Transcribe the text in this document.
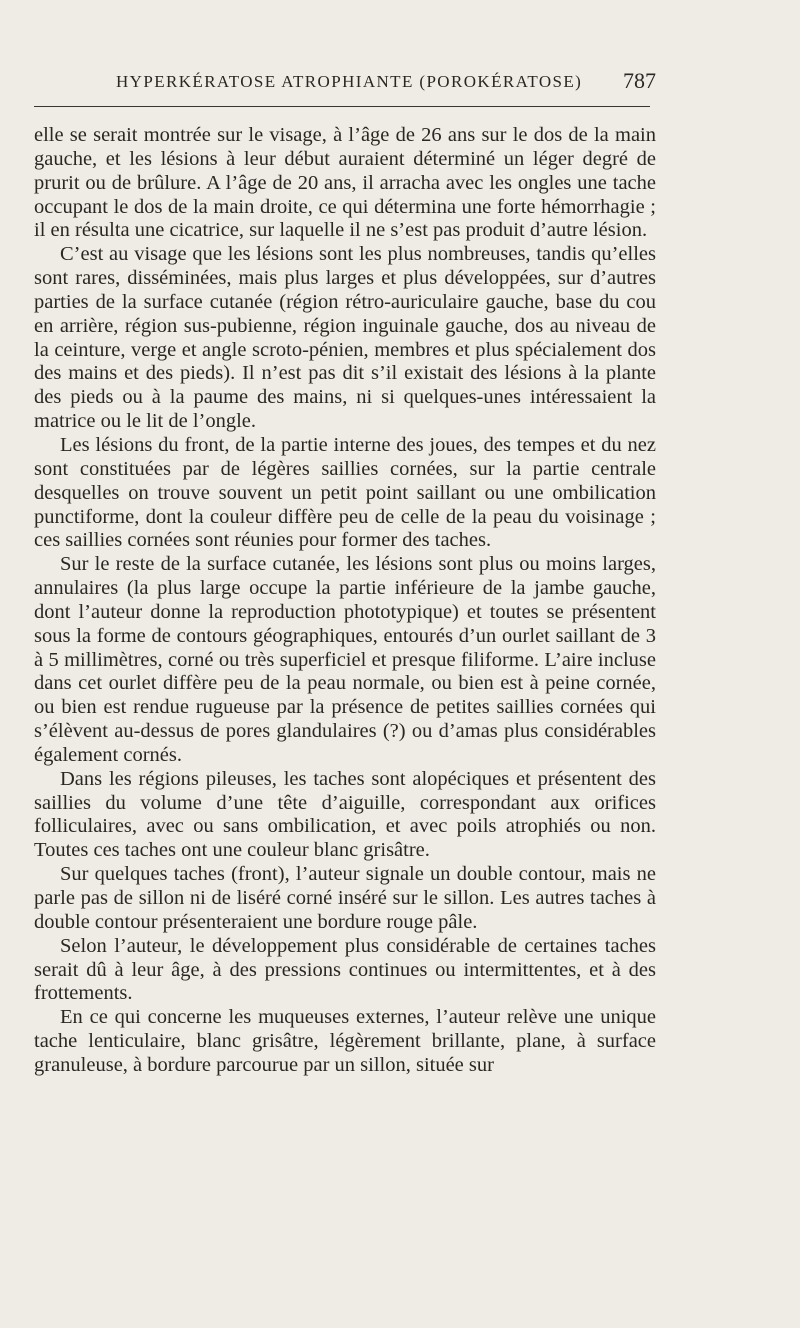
HYPERKÉRATOSE ATROPHIANTE (POROKÉRATOSE) 787

elle se serait montrée sur le visage, à l’âge de 26 ans sur le dos de la main gauche, et les lésions à leur début auraient déterminé un léger degré de prurit ou de brûlure. A l’âge de 20 ans, il arracha avec les ongles une tache occupant le dos de la main droite, ce qui détermina une forte hémorrhagie ; il en résulta une cicatrice, sur laquelle il ne s’est pas produit d’autre lésion.

C’est au visage que les lésions sont les plus nombreuses, tandis qu’elles sont rares, disséminées, mais plus larges et plus développées, sur d’autres parties de la surface cutanée (région rétro-auriculaire gauche, base du cou en arrière, région sus-pubienne, région inguinale gauche, dos au niveau de la ceinture, verge et angle scroto-pénien, membres et plus spécialement dos des mains et des pieds). Il n’est pas dit s’il existait des lésions à la plante des pieds ou à la paume des mains, ni si quelques-unes intéressaient la matrice ou le lit de l’ongle.

Les lésions du front, de la partie interne des joues, des tempes et du nez sont constituées par de légères saillies cornées, sur la partie centrale desquelles on trouve souvent un petit point saillant ou une ombilication punctiforme, dont la couleur diffère peu de celle de la peau du voisinage ; ces saillies cornées sont réunies pour former des taches.

Sur le reste de la surface cutanée, les lésions sont plus ou moins larges, annulaires (la plus large occupe la partie inférieure de la jambe gauche, dont l’auteur donne la reproduction phototypique) et toutes se présentent sous la forme de contours géographiques, entourés d’un ourlet saillant de 3 à 5 millimètres, corné ou très superficiel et presque filiforme. L’aire incluse dans cet ourlet diffère peu de la peau normale, ou bien est à peine cornée, ou bien est rendue rugueuse par la présence de petites saillies cornées qui s’élèvent au-dessus de pores glandulaires (?) ou d’amas plus considérables également cornés.

Dans les régions pileuses, les taches sont alopéciques et présentent des saillies du volume d’une tête d’aiguille, correspondant aux orifices folliculaires, avec ou sans ombilication, et avec poils atrophiés ou non. Toutes ces taches ont une couleur blanc grisâtre.

Sur quelques taches (front), l’auteur signale un double contour, mais ne parle pas de sillon ni de liséré corné inséré sur le sillon. Les autres taches à double contour présenteraient une bordure rouge pâle.

Selon l’auteur, le développement plus considérable de certaines taches serait dû à leur âge, à des pressions continues ou intermittentes, et à des frottements.

En ce qui concerne les muqueuses externes, l’auteur relève une unique tache lenticulaire, blanc grisâtre, légèrement brillante, plane, à surface granuleuse, à bordure parcourue par un sillon, située sur
